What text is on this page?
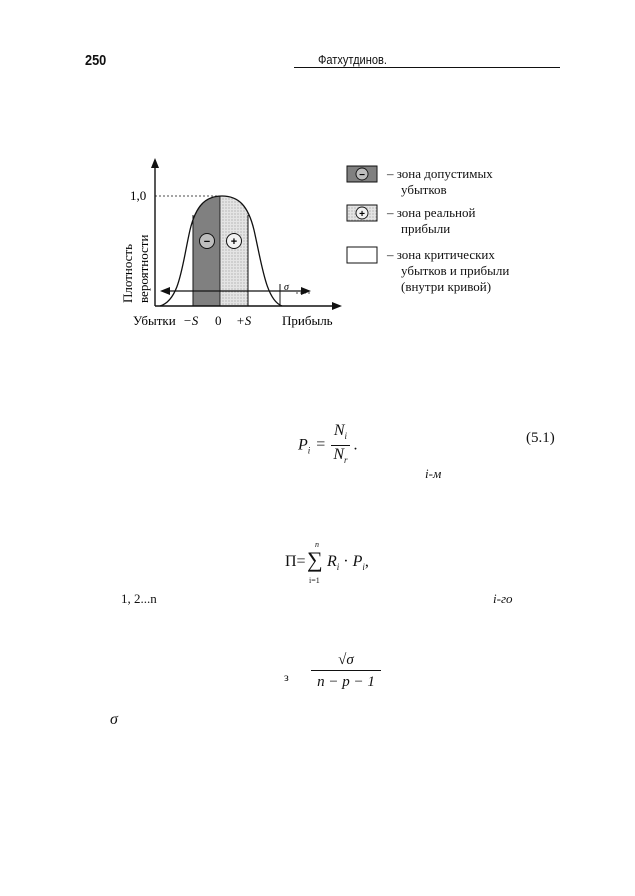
250	Фатхутдинов.
1,0
− +
−
+
σ
Плотность вероятности
Убытки −S 0 +S Прибыль
– зона допустимых
убытков
– зона реальной
прибыли
– зона критических
убытков и прибыли
(внутри кривой)
$P_i = \frac{N_i}{N_r}$ .	(5.1)
i-м
П=
n
∑
i=1
$R_i \cdot P_i$,
1, 2...n	i-го
з
√σ
n − p − 1
σ
